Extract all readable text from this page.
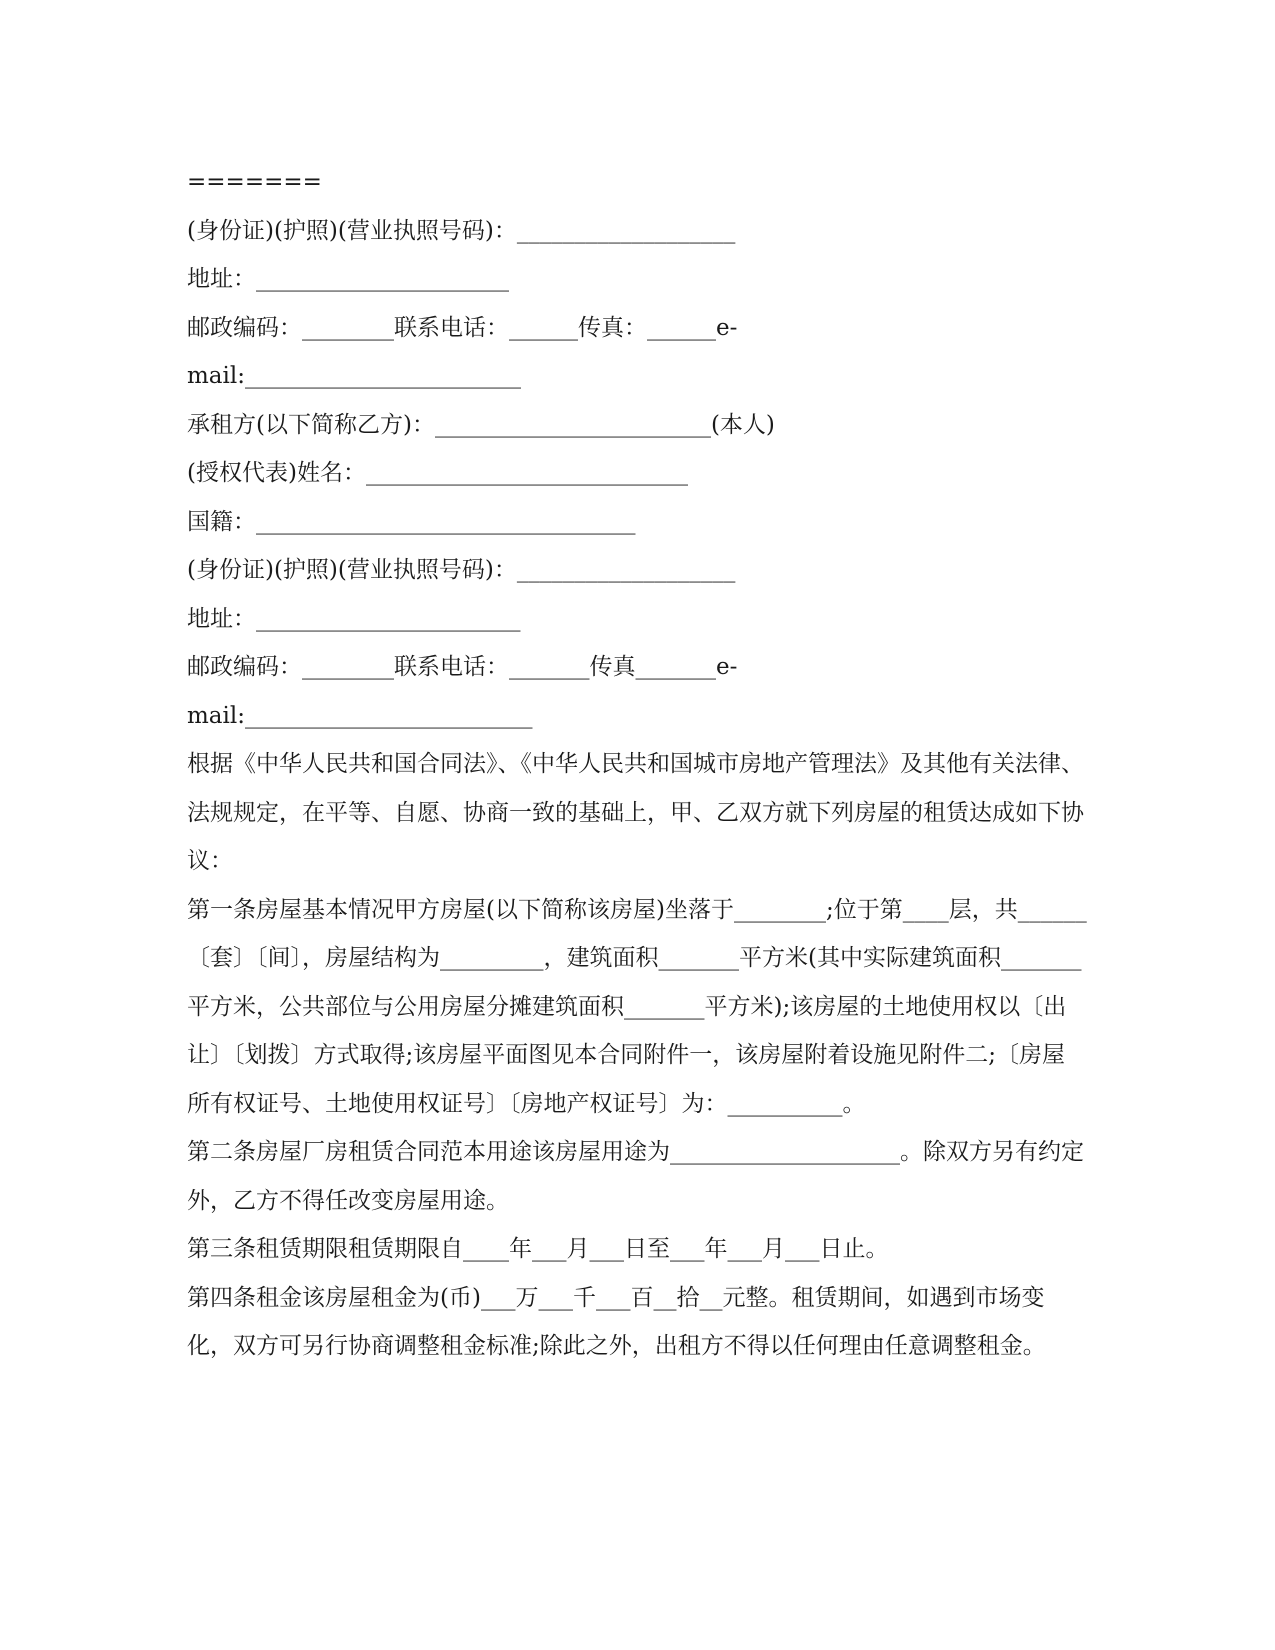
=======
(身份证)(护照)(营业执照号码)：___________________
地址：______________________
邮政编码：________联系电话：______传真：______e-
mail:________________________
承租方(以下简称乙方)：________________________(本人)
(授权代表)姓名：____________________________
国籍：_________________________________
(身份证)(护照)(营业执照号码)：___________________
地址：_______________________
邮政编码：________联系电话：_______传真_______e-
mail:_________________________
根据《中华人民共和国合同法》、《中华人民共和国城市房地产管理法》及其他有关法律、法规规定，在平等、自愿、协商一致的基础上，甲、乙双方就下列房屋的租赁达成如下协议：
第一条房屋基本情况甲方房屋(以下简称该房屋)坐落于________;位于第____层，共______〔套〕〔间〕，房屋结构为_________，建筑面积_______平方米(其中实际建筑面积_______平方米，公共部位与公用房屋分摊建筑面积_______平方米);该房屋的土地使用权以〔出让〕〔划拨〕方式取得;该房屋平面图见本合同附件一，该房屋附着设施见附件二;〔房屋所有权证号、土地使用权证号〕〔房地产权证号〕为：__________。
第二条房屋厂房租赁合同范本用途该房屋用途为____________________。除双方另有约定外，乙方不得任改变房屋用途。
第三条租赁期限租赁期限自____年___月___日至___年___月___日止。
第四条租金该房屋租金为(币)___万___千___百__拾__元整。租赁期间，如遇到市场变化，双方可另行协商调整租金标准;除此之外，出租方不得以任何理由任意调整租金。
